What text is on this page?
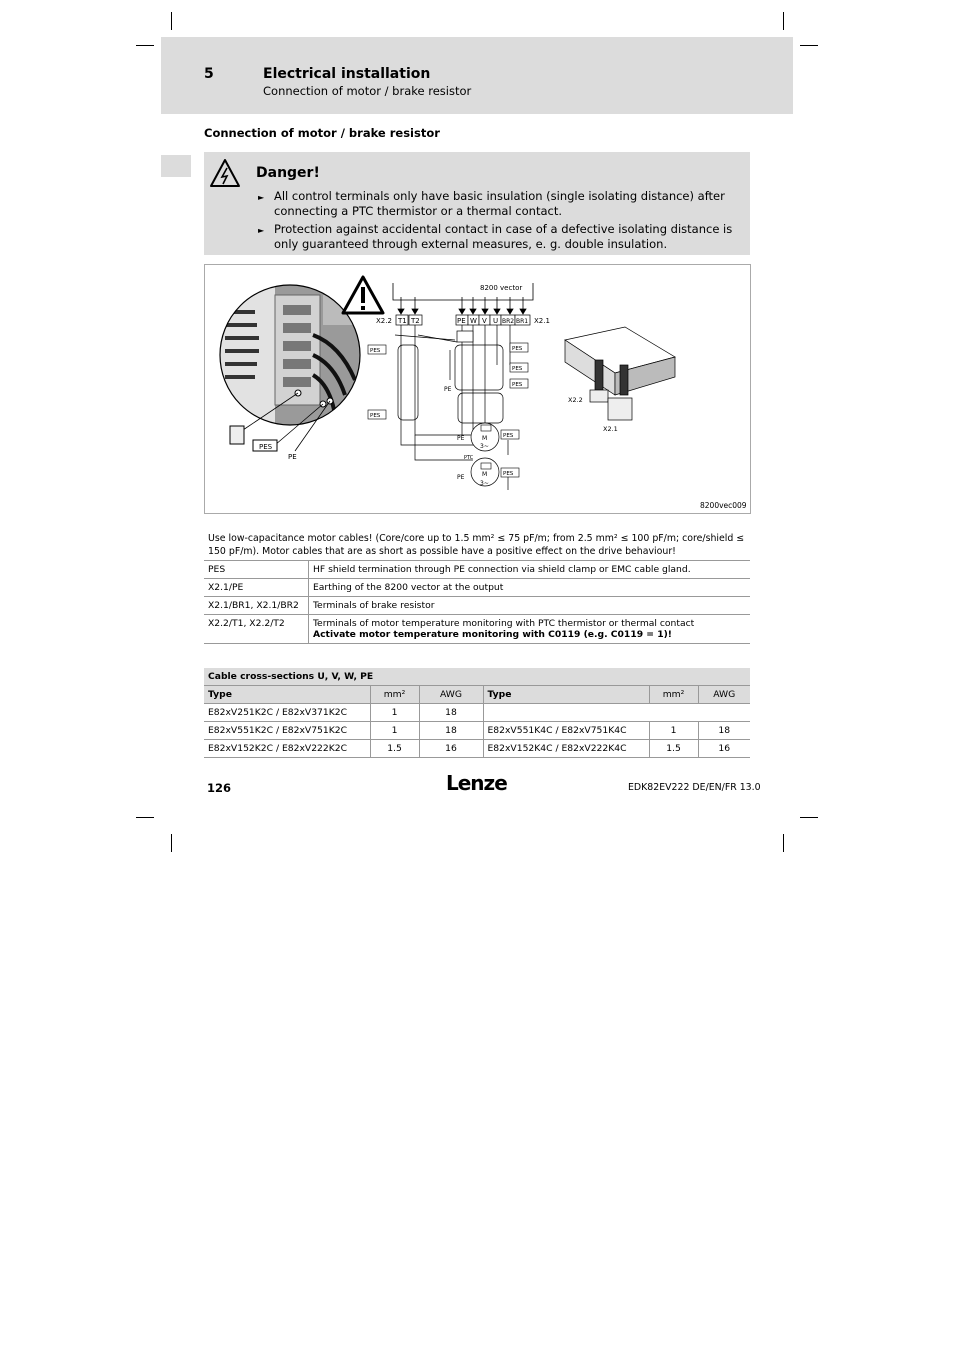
5	Electrical installation
Connection of motor / brake resistor
Connection of motor / brake resistor
Danger!
► All control terminals only have basic insulation (single isolating distance) after connecting a PTC thermistor or a thermal contact.
► Protection against accidental contact in case of a defective isolating distance is only guaranteed through external measures, e. g. double insulation.
PES
PE
8200 vector
X2.2 T1 T2	PE W V U BR2 BR1 X2.1
M
3~
M
3~
PTC
PE
PE
PE
PES	PES
PES
PES
PES
PES
PES
X2.2
X2.1
8200vec009
Use low-capacitance motor cables! (Core/core up to 1.5 mm² ≤ 75 pF/m; from 2.5 mm² ≤ 100 pF/m; core/shield ≤ 150 pF/m). Motor cables that are as short as possible have a positive effect on the drive behaviour!
PES	HF shield termination through PE connection via shield clamp or EMC cable gland.
X2.1/PE	Earthing of the 8200 vector at the output
X2.1/BR1, X2.1/BR2	Terminals of brake resistor
X2.2/T1, X2.2/T2	Terminals of motor temperature monitoring with PTC thermistor or thermal contact
Activate motor temperature monitoring with C0119 (e.g. C0119 = 1)!
Cable cross-sections U, V, W, PE					
Type	mm²	AWG	Type	mm²	AWG
E82xV251K2C / E82xV371K2C	1	18			
E82xV551K2C / E82xV751K2C	1	18	E82xV551K4C / E82xV751K4C	1	18
E82xV152K2C / E82xV222K2C	1.5	16	E82xV152K4C / E82xV222K4C	1.5	16
126	Lenze	EDK82EV222 DE/EN/FR 13.0
